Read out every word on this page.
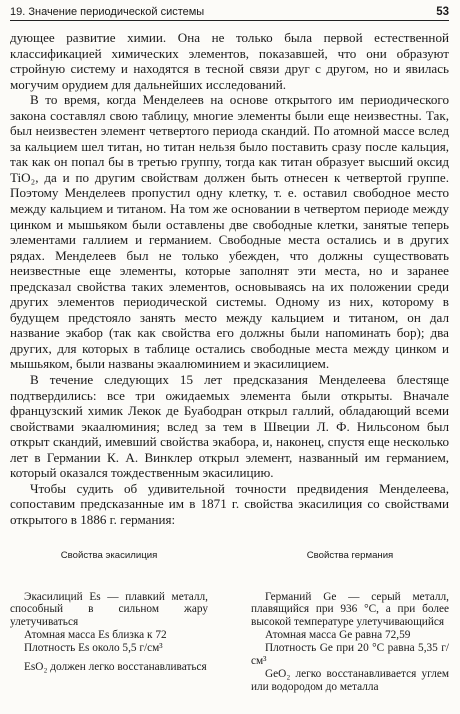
19. Значение периодической системы	53

дующее развитие химии. Она не только была первой естественной классификацией химических элементов, показавшей, что они образуют стройную систему и находятся в тесной связи друг с другом, но и явилась могучим орудием для дальнейших исследований.

В то время, когда Менделеев на основе открытого им периодического закона составлял свою таблицу, многие элементы были еще неизвестны. Так, был неизвестен элемент четвертого периода скандий. По атомной массе вслед за кальцием шел титан, но титан нельзя было поставить сразу после кальция, так как он попал бы в третью группу, тогда как титан образует высший оксид TiO₂, да и по другим свойствам должен быть отнесен к четвертой группе. Поэтому Менделеев пропустил одну клетку, т. е. оставил свободное место между кальцием и титаном. На том же основании в четвертом периоде между цинком и мышьяком были оставлены две свободные клетки, занятые теперь элементами галлием и германием. Свободные места остались и в других рядах. Менделеев был не только убежден, что должны существовать неизвестные еще элементы, которые заполнят эти места, но и заранее предсказал свойства таких элементов, основываясь на их положении среди других элементов периодической системы. Одному из них, которому в будущем предстояло занять место между кальцием и титаном, он дал название экабор (так как свойства его должны были напоминать бор); два других, для которых в таблице остались свободные места между цинком и мышьяком, были названы экаалюминием и экасилицием.

В течение следующих 15 лет предсказания Менделеева блестяще подтвердились: все три ожидаемых элемента были открыты. Вначале французский химик Лекок де Буабодран открыл галлий, обладающий всеми свойствами экаалюминия; вслед за тем в Швеции Л. Ф. Нильсоном был открыт скандий, имевший свойства экабора, и, наконец, спустя еще несколько лет в Германии К. А. Винклер открыл элемент, названный им германием, который оказался тождественным экасилицию.

Чтобы судить об удивительной точности предвидения Менделеева, сопоставим предсказанные им в 1871 г. свойства экасилиция со свойствами открытого в 1886 г. германия:

Свойства экасилиция

Экасилиций Es — плавкий металл, способный в сильном жару улетучиваться

Атомная масса Es близка к 72

Плотность Es около 5,5 г/см³

EsO₂ должен легко восстанавливаться

Свойства германия

Германий Ge — серый металл, плавящийся при 936 °C, а при более высокой температуре улетучивающийся

Атомная масса Ge равна 72,59

Плотность Ge при 20 °C равна 5,35 г/см³

GeO₂ легко восстанавливается углем или водородом до металла
